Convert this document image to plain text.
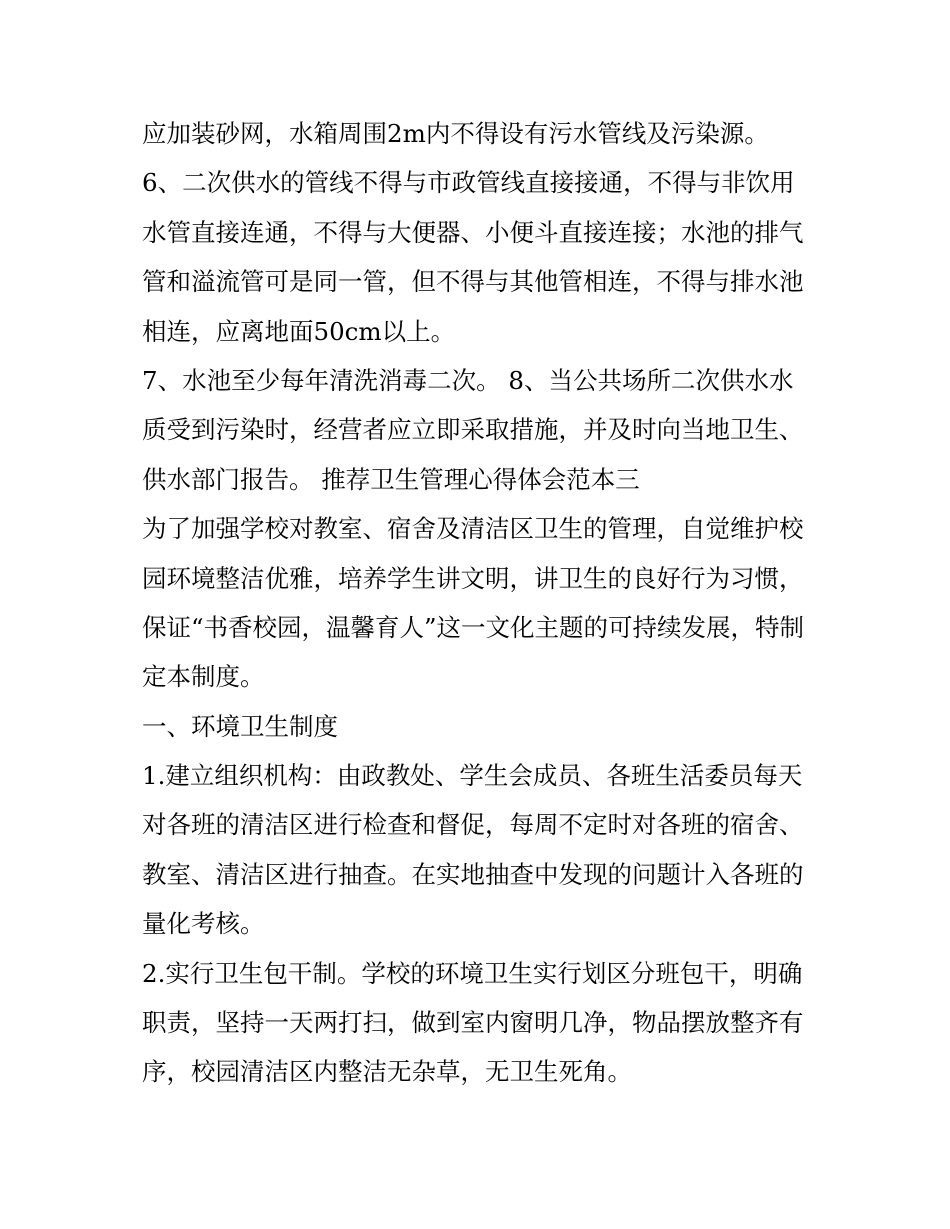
应加装砂网，水箱周围2m内不得设有污水管线及污染源。
6、二次供水的管线不得与市政管线直接接通，不得与非饮用
水管直接连通，不得与大便器、小便斗直接连接；水池的排气
管和溢流管可是同一管，但不得与其他管相连，不得与排水池
相连，应离地面50cm以上。
7、水池至少每年清洗消毒二次。 8、当公共场所二次供水水
质受到污染时，经营者应立即采取措施，并及时向当地卫生、
供水部门报告。 推荐卫生管理心得体会范本三
为了加强学校对教室、宿舍及清洁区卫生的管理，自觉维护校
园环境整洁优雅，培养学生讲文明，讲卫生的良好行为习惯，
保证“书香校园，温馨育人”这一文化主题的可持续发展，特制
定本制度。
一、环境卫生制度
1.建立组织机构：由政教处、学生会成员、各班生活委员每天
对各班的清洁区进行检查和督促，每周不定时对各班的宿舍、
教室、清洁区进行抽查。在实地抽查中发现的问题计入各班的
量化考核。
2.实行卫生包干制。学校的环境卫生实行划区分班包干，明确
职责，坚持一天两打扫，做到室内窗明几净，物品摆放整齐有
序，校园清洁区内整洁无杂草，无卫生死角。
